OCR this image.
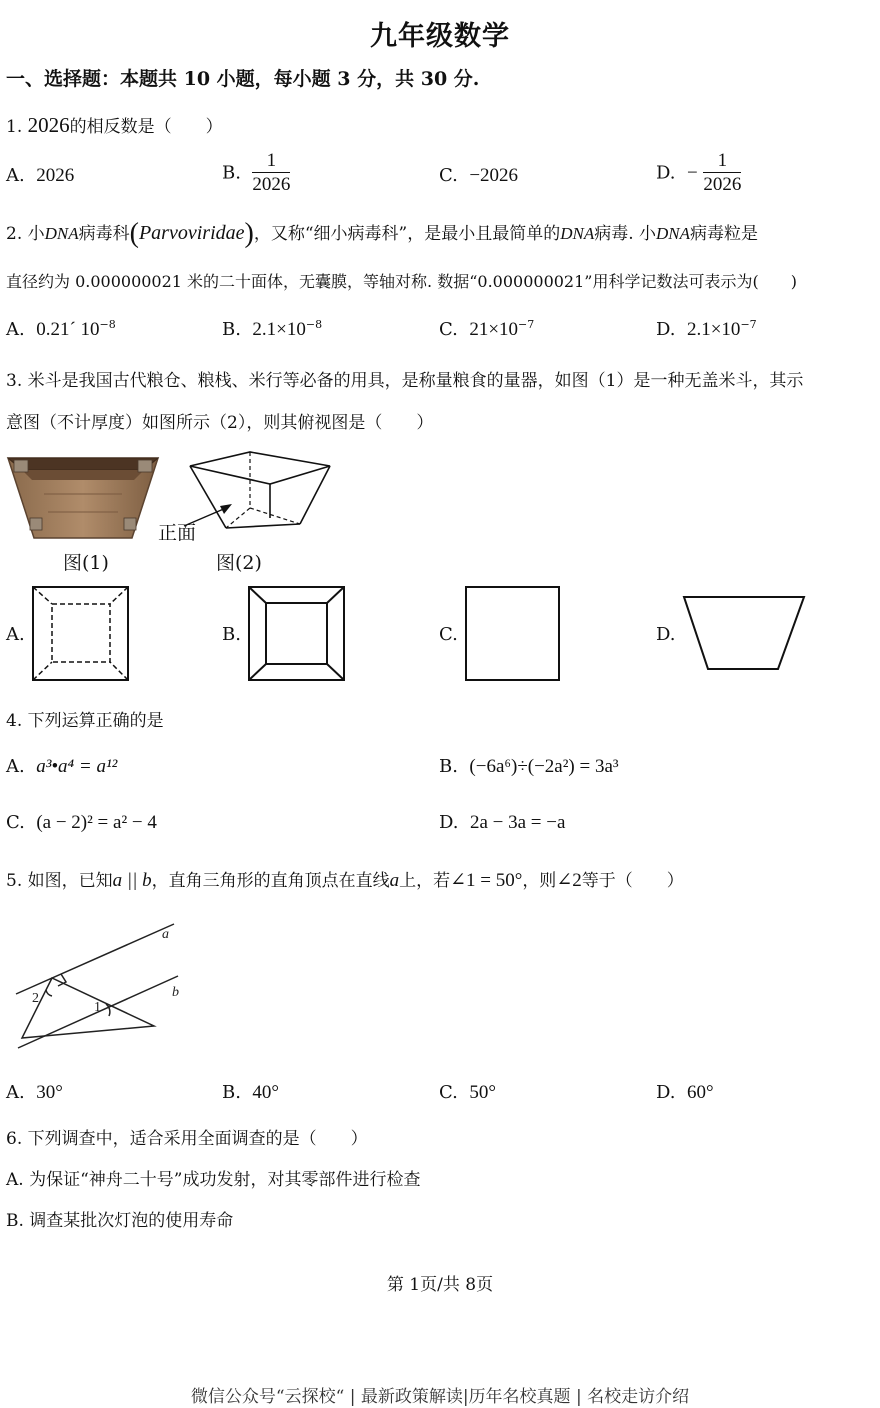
九年级数学
一、选择题：本题共 10 小题，每小题 3 分，共 30 分.
1. 2026的相反数是（　　）
A. 2026	B. $\frac{1}{2026}$	C. −2026	D. − $\frac{1}{2026}$
2. 小DNA病毒科(Parvoviridae)，又称“细小病毒科”，是最小且最简单的DNA病毒. 小DNA病毒粒是
直径约为 0.000000021 米的二十面体，无囊膜，等轴对称. 数据“0.000000021”用科学记数法可表示为(　　)
A. 0.21´ $10^{-8}$	B. $2.1\times 10^{-8}$	C. $21\times 10^{-7}$	D. $2.1\times 10^{-7}$
3. 米斗是我国古代粮仓、粮栈、米行等必备的用具，是称量粮食的量器，如图（1）是一种无盖米斗，其示
意图（不计厚度）如图所示（2），则其俯视图是（　　）
图(1)
正面
图(2)
A.	B.	C.	D.
4. 下列运算正确的是
A. a³•a⁴ = a¹²	B. (−6a⁶)÷(−2a²) = 3a³
C. (a − 2)² = a² − 4	D. 2a − 3a = −a
5. 如图，已知a || b，直角三角形的直角顶点在直线a上，若∠1 = 50°，则∠2等于（　　）
a
b
1
2
A. 30°	B. 40°	C. 50°	D. 60°
6. 下列调查中，适合采用全面调查的是（　　）
A. 为保证“神舟二十号”成功发射，对其零部件进行检查
B. 调查某批次灯泡的使用寿命
第 1页/共 8页
微信公众号“云探校“ | 最新政策解读|历年名校真题 | 名校走访介绍
